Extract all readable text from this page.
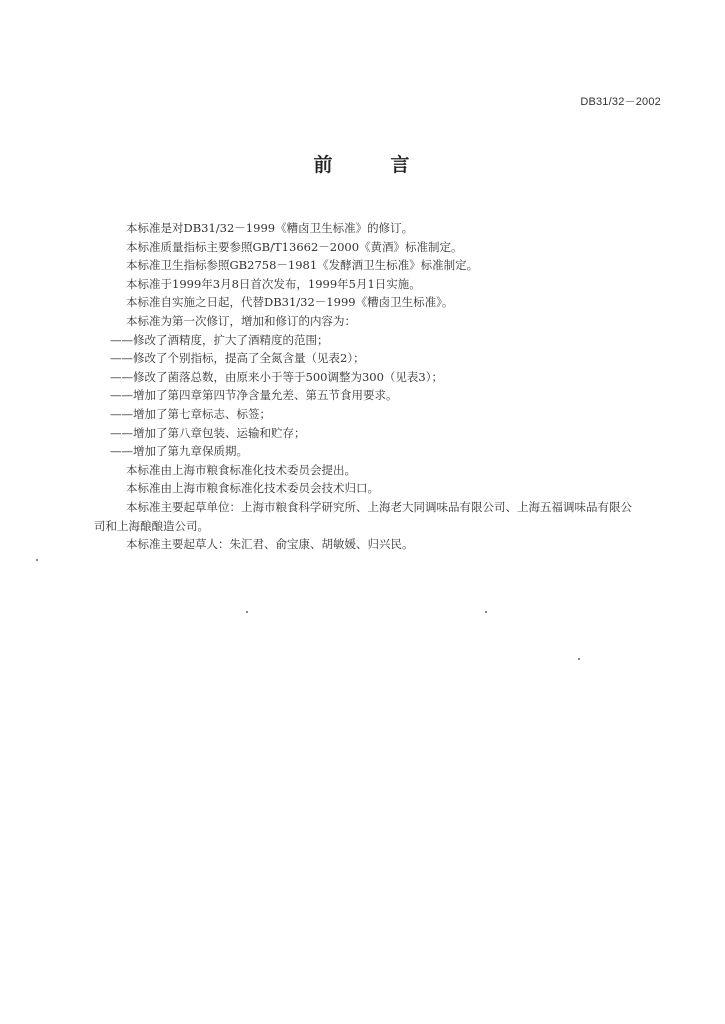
DB31/32－2002
前	言

本标准是对DB31/32－1999《糟卤卫生标准》的修订。

本标准质量指标主要参照GB/T13662－2000《黄酒》标准制定。

本标准卫生指标参照GB2758－1981《发酵酒卫生标准》标准制定。

本标准于1999年3月8日首次发布，1999年5月1日实施。

本标准自实施之日起，代替DB31/32－1999《糟卤卫生标准》。

本标准为第一次修订，增加和修订的内容为：

——修改了酒精度，扩大了酒精度的范围；

——修改了个别指标，提高了全氮含量（见表2）；

——修改了菌落总数，由原来小于等于500调整为300（见表3）；

——增加了第四章第四节净含量允差、第五节食用要求。

——增加了第七章标志、标签；

——增加了第八章包装、运输和贮存；

——增加了第九章保质期。

本标准由上海市粮食标准化技术委员会提出。

本标准由上海市粮食标准化技术委员会技术归口。

本标准主要起草单位：上海市粮食科学研究所、上海老大同调味品有限公司、上海五福调味品有限公

司和上海酿酿造公司。

本标准主要起草人：朱汇君、俞宝康、胡敏媛、归兴民。
